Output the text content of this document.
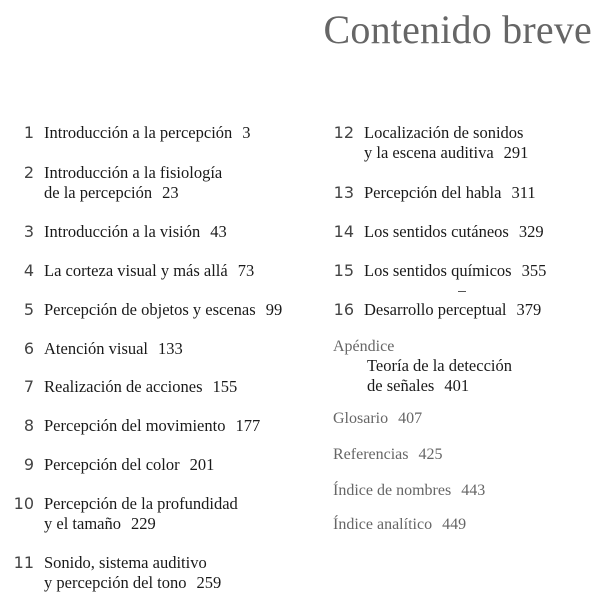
Contenido breve
1 Introducción a la percepción 3
2 Introducción a la fisiología
de la percepción 23
3 Introducción a la visión 43
4 La corteza visual y más allá 73
5 Percepción de objetos y escenas 99
6 Atención visual 133
7 Realización de acciones 155
8 Percepción del movimiento 177
9 Percepción del color 201
10 Percepción de la profundidad
y el tamaño 229
11 Sonido, sistema auditivo
y percepción del tono 259
12 Localización de sonidos
y la escena auditiva 291
13 Percepción del habla 311
14 Los sentidos cutáneos 329
15 Los sentidos químicos 355
16 Desarrollo perceptual 379
Apéndice
Teoría de la detección
de señales 401
Glosario 407
Referencias 425
Índice de nombres 443
Índice analítico 449
